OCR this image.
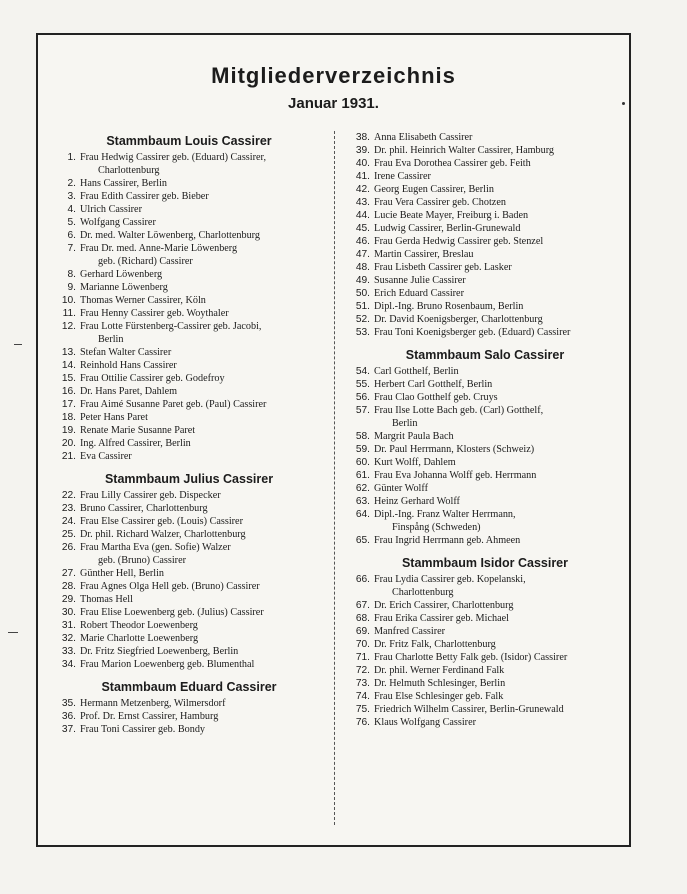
Mitgliederverzeichnis
Januar 1931.
Stammbaum Louis Cassirer
1. Frau Hedwig Cassirer geb. (Eduard) Cassirer,
Charlottenburg
2. Hans Cassirer, Berlin
3. Frau Edith Cassirer geb. Bieber
4. Ulrich Cassirer
5. Wolfgang Cassirer
6. Dr. med. Walter Löwenberg, Charlottenburg
7. Frau Dr. med. Anne-Marie Löwenberg
geb. (Richard) Cassirer
8. Gerhard Löwenberg
9. Marianne Löwenberg
10. Thomas Werner Cassirer, Köln
11. Frau Henny Cassirer geb. Woythaler
12. Frau Lotte Fürstenberg-Cassirer geb. Jacobi,
Berlin
13. Stefan Walter Cassirer
14. Reinhold Hans Cassirer
15. Frau Ottilie Cassirer geb. Godefroy
16. Dr. Hans Paret, Dahlem
17. Frau Aimé Susanne Paret geb. (Paul) Cassirer
18. Peter Hans Paret
19. Renate Marie Susanne Paret
20. Ing. Alfred Cassirer, Berlin
21. Eva Cassirer
Stammbaum Julius Cassirer
22. Frau Lilly Cassirer geb. Dispecker
23. Bruno Cassirer, Charlottenburg
24. Frau Else Cassirer geb. (Louis) Cassirer
25. Dr. phil. Richard Walzer, Charlottenburg
26. Frau Martha Eva (gen. Sofie) Walzer
geb. (Bruno) Cassirer
27. Günther Hell, Berlin
28. Frau Agnes Olga Hell geb. (Bruno) Cassirer
29. Thomas Hell
30. Frau Elise Loewenberg geb. (Julius) Cassirer
31. Robert Theodor Loewenberg
32. Marie Charlotte Loewenberg
33. Dr. Fritz Siegfried Loewenberg, Berlin
34. Frau Marion Loewenberg geb. Blumenthal
Stammbaum Eduard Cassirer
35. Hermann Metzenberg, Wilmersdorf
36. Prof. Dr. Ernst Cassirer, Hamburg
37. Frau Toni Cassirer geb. Bondy
38. Anna Elisabeth Cassirer
39. Dr. phil. Heinrich Walter Cassirer, Hamburg
40. Frau Eva Dorothea Cassirer geb. Feith
41. Irene Cassirer
42. Georg Eugen Cassirer, Berlin
43. Frau Vera Cassirer geb. Chotzen
44. Lucie Beate Mayer, Freiburg i. Baden
45. Ludwig Cassirer, Berlin-Grunewald
46. Frau Gerda Hedwig Cassirer geb. Stenzel
47. Martin Cassirer, Breslau
48. Frau Lisbeth Cassirer geb. Lasker
49. Susanne Julie Cassirer
50. Erich Eduard Cassirer
51. Dipl.-Ing. Bruno Rosenbaum, Berlin
52. Dr. David Koenigsberger, Charlottenburg
53. Frau Toni Koenigsberger geb. (Eduard) Cassirer
Stammbaum Salo Cassirer
54. Carl Gotthelf, Berlin
55. Herbert Carl Gotthelf, Berlin
56. Frau Clao Gotthelf geb. Cruys
57. Frau Ilse Lotte Bach geb. (Carl) Gotthelf,
Berlin
58. Margrit Paula Bach
59. Dr. Paul Herrmann, Klosters (Schweiz)
60. Kurt Wolff, Dahlem
61. Frau Eva Johanna Wolff geb. Herrmann
62. Günter Wolff
63. Heinz Gerhard Wolff
64. Dipl.-Ing. Franz Walter Herrmann,
Finspång (Schweden)
65. Frau Ingrid Herrmann geb. Ahmeen
Stammbaum Isidor Cassirer
66. Frau Lydia Cassirer geb. Kopelanski,
Charlottenburg
67. Dr. Erich Cassirer, Charlottenburg
68. Frau Erika Cassirer geb. Michael
69. Manfred Cassirer
70. Dr. Fritz Falk, Charlottenburg
71. Frau Charlotte Betty Falk geb. (Isidor) Cassirer
72. Dr. phil. Werner Ferdinand Falk
73. Dr. Helmuth Schlesinger, Berlin
74. Frau Else Schlesinger geb. Falk
75. Friedrich Wilhelm Cassirer, Berlin-Grunewald
76. Klaus Wolfgang Cassirer
